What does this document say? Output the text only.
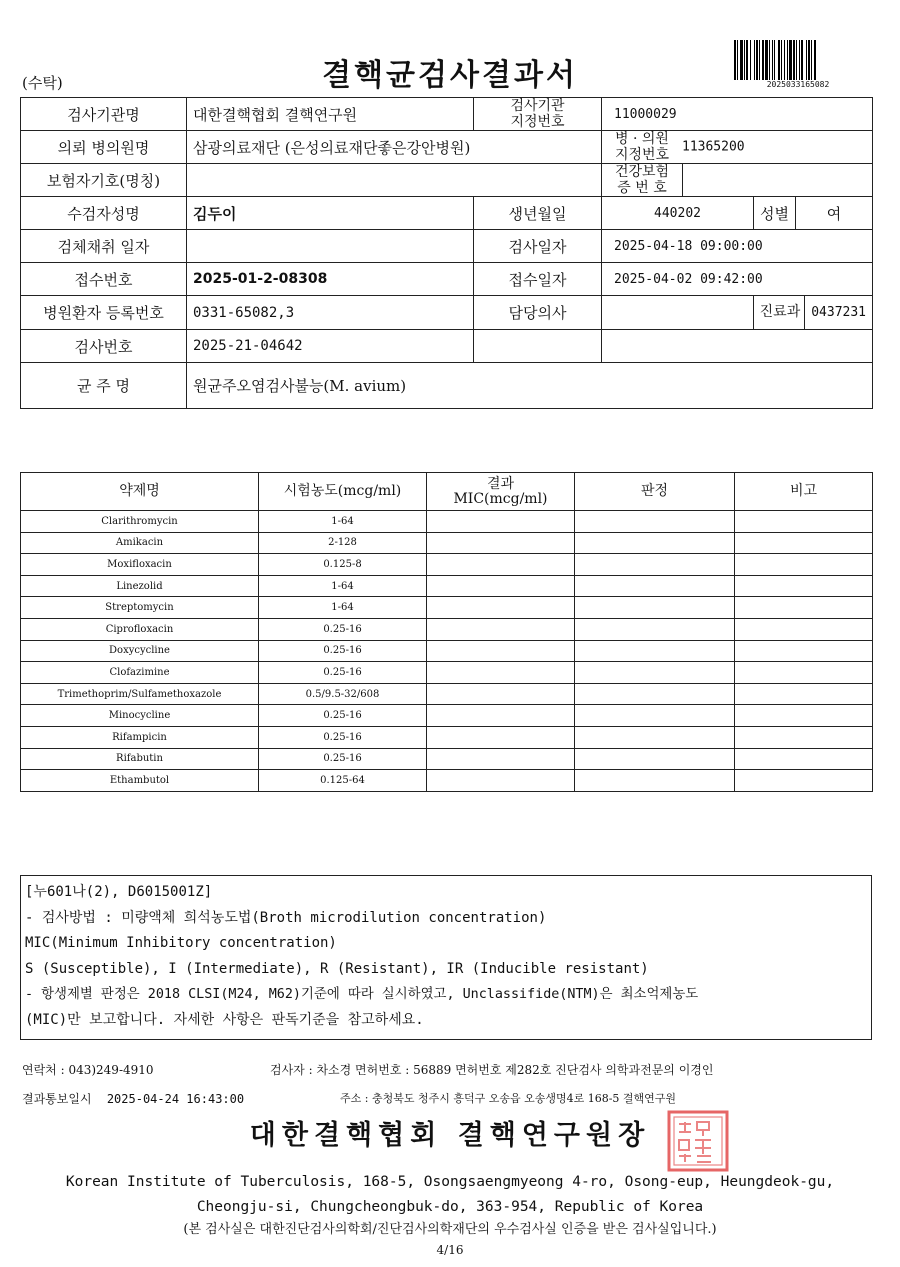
(수탁)	결핵균검사결과서	2025033165082
검사기관명	대한결핵협회 결핵연구원	검사기관
지정번호	11000029		
의뢰 병의원명	삼광의료재단 (은성의료재단좋은강안병원)		병 · 의원
지정번호 11365200		
보험자기호(명칭)			건강보험
증 번 호		
수검자성명	김두이	생년월일	440202	성별	여
검체채취 일자		검사일자	2025-04-18 09:00:00		
접수번호	2025-01-2-08308	접수일자	2025-04-02 09:42:00		
병원환자 등록번호	0331-65082,3	담당의사		진료과 0437231	
검사번호	2025-21-04642				
균 주 명	원균주오염검사불능(M. avium)				
약제명	시험농도(mcg/ml)	결과
MIC(mcg/ml)	판정	비고
Clarithromycin	1-64			
Amikacin	2-128			
Moxifloxacin	0.125-8			
Linezolid	1-64			
Streptomycin	1-64			
Ciprofloxacin	0.25-16			
Doxycycline	0.25-16			
Clofazimine	0.25-16			
Trimethoprim/Sulfamethoxazole	0.5/9.5-32/608			
Minocycline	0.25-16			
Rifampicin	0.25-16			
Rifabutin	0.25-16			
Ethambutol	0.125-64			
[누601나(2), D6015001Z]
- 검사방법 : 미량액체 희석농도법(Broth microdilution concentration)
MIC(Minimum Inhibitory concentration)
S (Susceptible), I (Intermediate), R (Resistant), IR (Inducible resistant)
- 항생제별 판정은 2018 CLSI(M24, M62)기준에 따라 실시하였고, Unclassifide(NTM)은 최소억제농도
(MIC)만 보고합니다. 자세한 사항은 판독기준을 참고하세요.
연락처 : 043)249-4910	검사자 : 차소경 면허번호 : 56889 면허번호 제282호 진단검사 의학과전문의 이경인
결과통보일시 2025-04-24 16:43:00	주소 : 충청북도 청주시 흥덕구 오송읍 오송생명4로 168-5 결핵연구원
대한결핵협회 결핵연구원장
Korean Institute of Tuberculosis, 168-5, Osongsaengmyeong 4-ro, Osong-eup, Heungdeok-gu,
Cheongju-si, Chungcheongbuk-do, 363-954, Republic of Korea
(본 검사실은 대한진단검사의학회/진단검사의학재단의 우수검사실 인증을 받은 검사실입니다.)
4/16
